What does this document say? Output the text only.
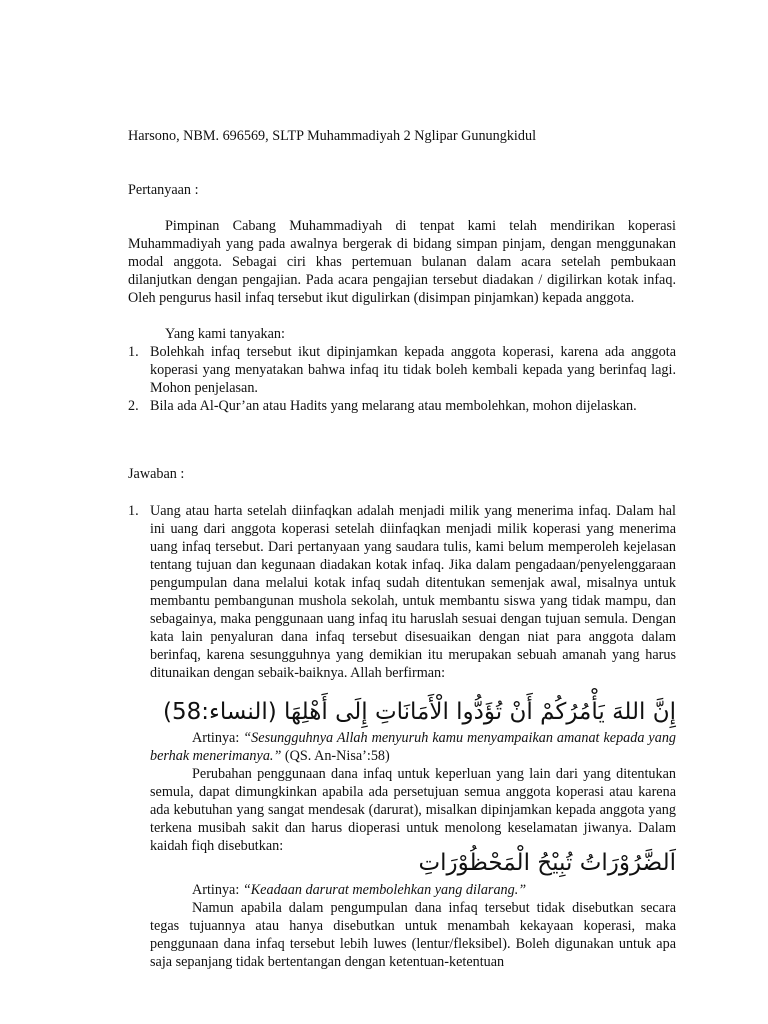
Harsono, NBM. 696569, SLTP Muhammadiyah 2 Nglipar Gunungkidul
Pertanyaan :
Pimpinan Cabang Muhammadiyah di tenpat kami telah mendirikan koperasi Muhammadiyah yang pada awalnya bergerak di bidang simpan pinjam, dengan menggunakan modal anggota. Sebagai ciri khas pertemuan bulanan dalam acara setelah pembukaan dilanjutkan dengan pengajian. Pada acara pengajian tersebut diadakan / digilirkan kotak infaq. Oleh pengurus hasil infaq tersebut ikut digulirkan (disimpan pinjamkan) kepada anggota.
Yang kami tanyakan:
1. Bolehkah infaq tersebut ikut dipinjamkan kepada anggota koperasi, karena ada anggota koperasi yang menyatakan bahwa infaq itu tidak boleh kembali kepada yang berinfaq lagi. Mohon penjelasan.
2. Bila ada Al-Qur’an atau Hadits yang melarang atau membolehkan, mohon dijelaskan.
Jawaban :
1. Uang atau harta setelah diinfaqkan adalah menjadi milik yang menerima infaq. Dalam hal ini uang dari anggota koperasi setelah diinfaqkan menjadi milik koperasi yang menerima uang infaq tersebut. Dari pertanyaan yang saudara tulis, kami belum memperoleh kejelasan tentang tujuan dan kegunaan diadakan kotak infaq. Jika dalam pengadaan/penyelenggaraan pengumpulan dana melalui kotak infaq sudah ditentukan semenjak awal, misalnya untuk membantu pembangunan mushola sekolah, untuk membantu siswa yang tidak mampu, dan sebagainya, maka penggunaan uang infaq itu haruslah sesuai dengan tujuan semula. Dengan kata lain penyaluran dana infaq tersebut disesuaikan dengan niat para anggota dalam berinfaq, karena sesungguhnya yang demikian itu merupakan sebuah amanah yang harus ditunaikan dengan sebaik-baiknya. Allah berfirman:
إِنَّ اللهَ يَأْمُرُكُمْ أَنْ تُؤَدُّوا الْأَمَانَاتِ إِلَى أَهْلِهَا (النساء:58)
Artinya: “Sesungguhnya Allah menyuruh kamu menyampaikan amanat kepada yang berhak menerimanya.” (QS. An-Nisa’:58)
Perubahan penggunaan dana infaq untuk keperluan yang lain dari yang ditentukan semula, dapat dimungkinkan apabila ada persetujuan semua anggota koperasi atau karena ada kebutuhan yang sangat mendesak (darurat), misalkan dipinjamkan kepada anggota yang terkena musibah sakit dan harus dioperasi untuk menolong keselamatan jiwanya. Dalam kaidah fiqh disebutkan:
اَلضَّرُوْرَاتُ تُبِيْحُ الْمَحْظُوْرَاتِ
Artinya: “Keadaan darurat membolehkan yang dilarang.”
Namun apabila dalam pengumpulan dana infaq tersebut tidak disebutkan secara tegas tujuannya atau hanya disebutkan untuk menambah kekayaan koperasi, maka penggunaan dana infaq tersebut lebih luwes (lentur/fleksibel). Boleh digunakan untuk apa saja sepanjang tidak bertentangan dengan ketentuan-ketentuan
